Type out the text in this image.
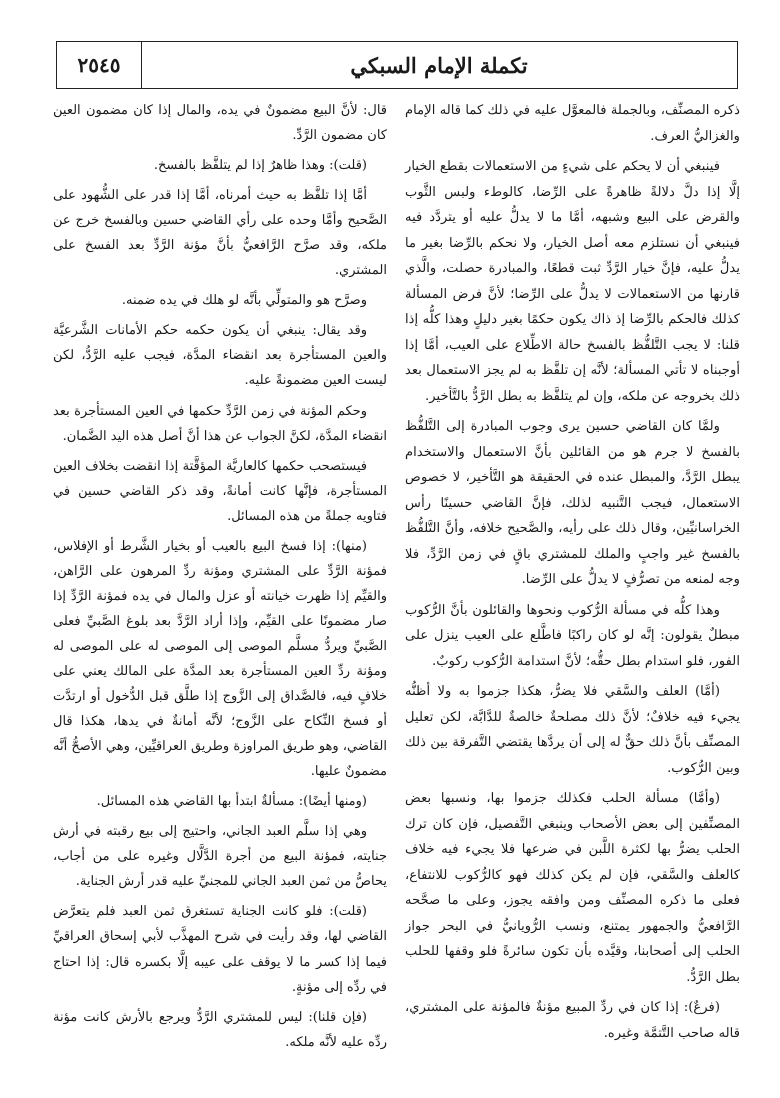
تكملة الإمام السبكي
٢٥٤٥

ذكره المصنِّف، وبالجملة فالمعوَّل عليه في ذلك كما قاله الإمام والغزاليُّ العرف.

فينبغي أن لا يحكم على شيءٍ من الاستعمالات بقطع الخيار إلَّا إذا دلَّ دلالةً ظاهرةً على الرِّضا، كالوطء ولبس الثَّوب والقرض على البيع وشبهه، أمَّا ما لا يدلُّ عليه أو يتردَّد فيه فينبغي أن نستلزم معه أصل الخيار، ولا نحكم بالرِّضا بغير ما يدلُّ عليه، فإنَّ خيار الرَّدِّ ثبت قطعًا، والمبادرة حصلت، والَّذي قارنها من الاستعمالات لا يدلُّ على الرِّضا؛ لأنَّ فرض المسألة كذلك فالحكم بالرِّضا إذ ذاك يكون حكمًا بغير دليلٍ وهذا كلُّه إذا قلنا: لا يجب التَّلفُّظ بالفسخ حالة الاطِّلاع على العيب، أمَّا إذا أوجبناه لا تأتي المسألة؛ لأنَّه إن تلفَّظ به لم يجز الاستعمال بعد ذلك بخروجه عن ملكه، وإن لم يتلفَّظ به بطل الرَّدُّ بالتَّأخير.

ولمَّا كان القاضي حسين يرى وجوب المبادرة إلى التَّلفُّظ بالفسخ لا جرم هو من القائلين بأنَّ الاستعمال والاستخدام يبطل الرَّدَّ، والمبطل عنده في الحقيقة هو التَّأخير، لا خصوص الاستعمال، فيجب التَّنبيه لذلك، فإنَّ القاضي حسينًا رأس الخراسانيِّين، وقال ذلك على رأيه، والصَّحيح خلافه، وأنَّ التَّلفُّظ بالفسخ غير واجبٍ والملك للمشتري باقٍ في زمن الرَّدِّ، فلا وجه لمنعه من تصرُّفٍ لا يدلُّ على الرِّضا.

وهذا كلُّه في مسألة الرُّكوب ونحوها والقائلون بأنَّ الرُّكوب مبطلٌ يقولون: إنَّه لو كان راكبًا فاطَّلع على العيب ينزل على الفور، فلو استدام بطل حقُّه؛ لأنَّ استدامة الرُّكوب ركوبٌ.

(أمَّا) العلف والسَّقي فلا يضرُّ، هكذا جزموا به ولا أظنُّه يجيء فيه خلافٌ؛ لأنَّ ذلك مصلحةٌ خالصةٌ للدَّابَّة، لكن تعليل المصنِّف بأنَّ ذلك حقٌّ له إلى أن يردَّها يقتضي التَّفرقة بين ذلك وبين الرُّكوب.

(وأمَّا) مسألة الحلب فكذلك جزموا بها، ونسبها بعض المصنِّفين إلى بعض الأصحاب وينبغي التَّفصيل، فإن كان ترك الحلب يضرُّ بها لكثرة اللَّبن في ضرعها فلا يجيء فيه خلاف كالعلف والسَّقي، فإن لم يكن كذلك فهو كالرُّكوب للانتفاع، فعلى ما ذكره المصنِّف ومن وافقه يجوز، وعلى ما صحَّحه الرَّافعيُّ والجمهور يمتنع، ونسب الرُّويانيُّ في البحر جواز الحلب إلى أصحابنا، وقيَّده بأن تكون سائرةً فلو وقفها للحلب بطل الرَّدُّ.

(فرعٌ): إذا كان في ردِّ المبيع مؤنةٌ فالمؤنة على المشتري، قاله صاحب التَّتمَّة وغيره.

قال: لأنَّ البيع مضمونٌ في يده، والمال إذا كان مضمون العين كان مضمون الرَّدِّ.

(قلت): وهذا ظاهرٌ إذا لم يتلفَّظ بالفسخ.

أمَّا إذا تلفَّظ به حيث أمرناه، أمَّا إذا قدر على الشُّهود على الصَّحيح وأمَّا وحده على رأي القاضي حسين وبالفسخ خرج عن ملكه، وقد صرَّح الرَّافعيُّ بأنَّ مؤنة الرَّدِّ بعد الفسخ على المشتري.

وصرَّح هو والمتولِّي بأنَّه لو هلك في يده ضمنه.

وقد يقال: ينبغي أن يكون حكمه حكم الأمانات الشَّرعيَّة والعين المستأجرة بعد انقضاء المدَّة، فيجب عليه الرَّدُّ، لكن ليست العين مضمونةً عليه.

وحكم المؤنة في زمن الرَّدِّ حكمها في العين المستأجرة بعد انقضاء المدَّة، لكنَّ الجواب عن هذا أنَّ أصل هذه اليد الضَّمان.

فيستصحب حكمها كالعاريَّة المؤقَّتة إذا انقضت بخلاف العين المستأجرة، فإنَّها كانت أمانةً، وقد ذكر القاضي حسين في فتاويه جملةً من هذه المسائل.

(منها): إذا فسخ البيع بالعيب أو بخيار الشَّرط أو الإفلاس، فمؤنة الرَّدِّ على المشتري ومؤنة ردِّ المرهون على الرَّاهن، والقيِّم إذا ظهرت خيانته أو عزل والمال في يده فمؤنة الرَّدِّ إذا صار مضمونًا على القيِّم، وإذا أراد الرَّدَّ بعد بلوغ الصَّبيِّ فعلى الصَّبيِّ ويردُّ مسلَّم الموصى إلى الموصى له على الموصى له ومؤنة ردِّ العين المستأجرة بعد المدَّة على المالك يعني على خلافٍ فيه، فالصَّداق إلى الزَّوج إذا طلَّق قبل الدُّخول أو ارتدَّت أو فسخ النِّكاح على الزَّوج؛ لأنَّه أمانةٌ في يدها، هكذا قال القاضي، وهو طريق المراوزة وطريق العراقيِّين، وهي الأصحُّ أنَّه مضمونٌ عليها.

(ومنها أيضًا): مسألةٌ ابتدأ بها القاضي هذه المسائل.

وهي إذا سلَّم العبد الجاني، واحتيج إلى بيع رقبته في أرش جنايته، فمؤنة البيع من أجرة الدَّلَّال وغيره على من أجاب، يحاصُّ من ثمن العبد الجاني للمجنيِّ عليه قدر أرش الجناية.

(قلت): فلو كانت الجناية تستغرق ثمن العبد فلم يتعرَّض القاضي لها، وقد رأيت في شرح المهذَّب لأبي إسحاق العراقيِّ فيما إذا كسر ما لا يوقف على عيبه إلَّا بكسره قال: إذا احتاج في ردِّه إلى مؤنةٍ.

(فإن قلنا): ليس للمشتري الرَّدُّ ويرجع بالأرش كانت مؤنة ردِّه عليه لأنَّه ملكه.
